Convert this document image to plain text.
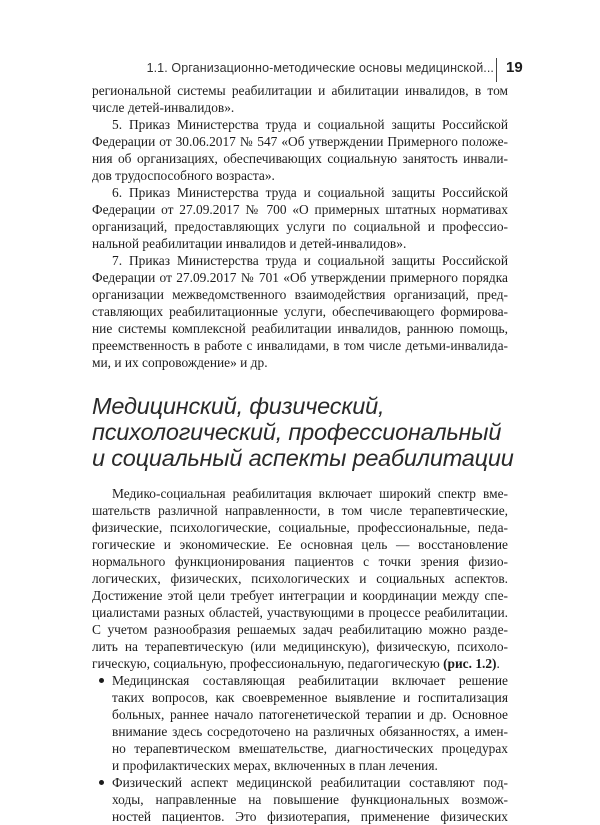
1.1. Организационно-методические основы медицинской... 19
региональной системы реабилитации и абилитации инвалидов, в том
числе детей-инвалидов».
5. Приказ Министерства труда и социальной защиты Российской
Федерации от 30.06.2017 № 547 «Об утверждении Примерного положе-
ния об организациях, обеспечивающих социальную занятость инвали-
дов трудоспособного возраста».
6. Приказ Министерства труда и социальной защиты Российской
Федерации от 27.09.2017 № 700 «О примерных штатных нормативах
организаций, предоставляющих услуги по социальной и профессио-
нальной реабилитации инвалидов и детей-инвалидов».
7. Приказ Министерства труда и социальной защиты Российской
Федерации от 27.09.2017 № 701 «Об утверждении примерного порядка
организации межведомственного взаимодействия организаций, пред-
ставляющих реабилитационные услуги, обеспечивающего формирова-
ние системы комплексной реабилитации инвалидов, раннюю помощь,
преемственность в работе с инвалидами, в том числе детьми-инвалида-
ми, и их сопровождение» и др.
Медицинский, физический,
психологический, профессиональный
и социальный аспекты реабилитации
Медико-социальная реабилитация включает широкий спектр вме-
шательств различной направленности, в том числе терапевтические,
физические, психологические, социальные, профессиональные, педа-
гогические и экономические. Ее основная цель — восстановление
нормального функционирования пациентов с точки зрения физио-
логических, физических, психологических и социальных аспектов.
Достижение этой цели требует интеграции и координации между спе-
циалистами разных областей, участвующими в процессе реабилитации.
С учетом разнообразия решаемых задач реабилитацию можно раздe-
лить на терапевтическую (или медицинскую), физическую, психоло-
гическую, социальную, профессиональную, педагогическую (рис. 1.2).
Медицинская составляющая реабилитации включает решение
таких вопросов, как своевременное выявление и госпитализация
больных, раннее начало патогенетической терапии и др. Основное
внимание здесь сосредоточено на различных обязанностях, а имен-
но терапевтическом вмешательстве, диагностических процедурах
и профилактических мерах, включенных в план лечения.
Физический аспект медицинской реабилитации составляют под-
ходы, направленные на повышение функциональных возмож-
ностей пациентов. Это физиотерапия, применение физических
